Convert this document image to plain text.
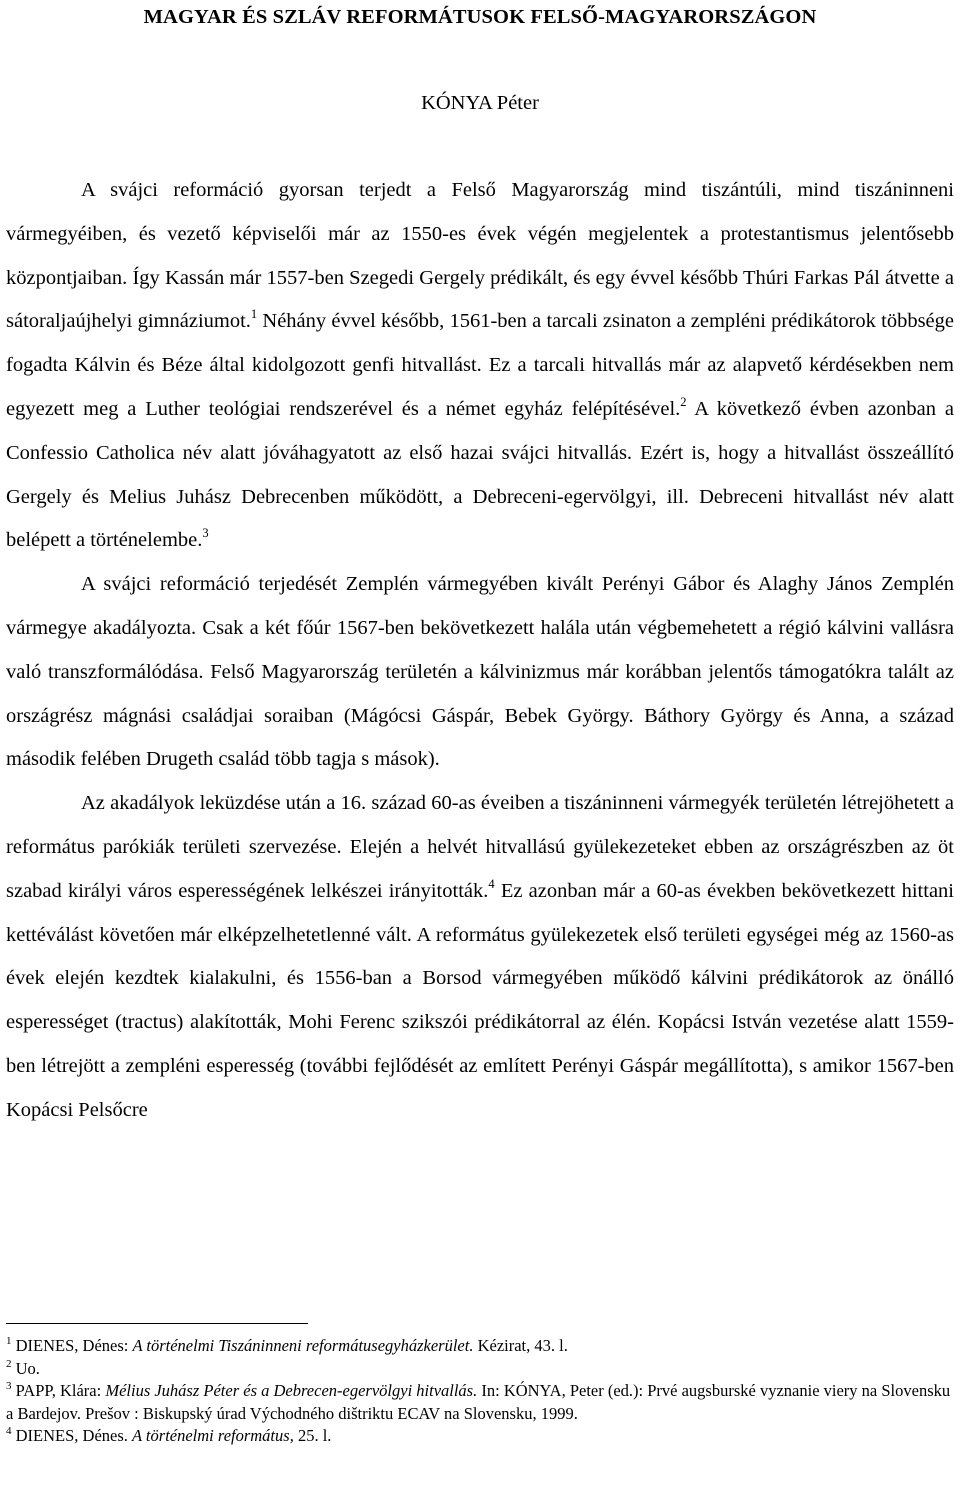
MAGYAR ÉS SZLÁV REFORMÁTUSOK FELSŐ-MAGYARORSZÁGON
KÓNYA Péter

A svájci reformáció gyorsan terjedt a Felső Magyarország mind tiszántúli, mind tiszáninneni vármegyéiben, és vezető képviselői már az 1550-es évek végén megjelentek a protestantismus jelentősebb központjaiban. Így Kassán már 1557-ben Szegedi Gergely prédikált, és egy évvel később Thúri Farkas Pál átvette a sátoraljaújhelyi gimnáziumot.$^1$ Néhány évvel később, 1561-ben a tarcali zsinaton a zempléni prédikátorok többsége fogadta Kálvin és Béze által kidolgozott genfi hitvallást. Ez a tarcali hitvallás már az alapvető kérdésekben nem egyezett meg a Luther teológiai rendszerével és a német egyház felépítésével.$^2$ A következő évben azonban a Confessio Catholica név alatt jóváhagyatott az első hazai svájci hitvallás. Ezért is, hogy a hitvallást összeállító Gergely és Melius Juhász Debrecenben működött, a Debreceni-egervölgyi, ill. Debreceni hitvallást név alatt belépett a történelembe.$^3$

A svájci reformáció terjedését Zemplén vármegyében kivált Perényi Gábor és Alaghy János Zemplén vármegye akadályozta. Csak a két főúr 1567-ben bekövetkezett halála után végbemehetett a régió kálvini vallásra való transzformálódása. Felső Magyarország területén a kálvinizmus már korábban jelentős támogatókra talált az országrész mágnási családjai soraiban (Mágócsi Gáspár, Bebek György. Báthory György és Anna, a század második felében Drugeth család több tagja s mások).

Az akadályok leküzdése után a 16. század 60-as éveiben a tiszáninneni vármegyék területén létrejöhetett a református parókiák területi szervezése. Elején a helvét hitvallású gyülekezeteket ebben az országrészben az öt szabad királyi város esperességének lelkészei irányitották.$^4$ Ez azonban már a 60-as években bekövetkezett hittani kettéválást követően már elképzelhetetlenné vált. A református gyülekezetek első területi egységei még az 1560-as évek elején kezdtek kialakulni, és 1556-ban a Borsod vármegyében működő kálvini prédikátorok az önálló esperességet (tractus) alakították, Mohi Ferenc szikszói prédikátorral az élén. Kopácsi István vezetése alatt 1559-ben létrejött a zempléni esperesség (további fejlődését az említett Perényi Gáspár megállította), s amikor 1567-ben Kopácsi Pelsőcre

$^1$ DIENES, Dénes: A történelmi Tiszáninneni reformátusegyházkerület. Kézirat, 43. l.
$^2$ Uo.
$^3$ PAPP, Klára: Mélius Juhász Péter és a Debrecen-egervölgyi hitvallás. In: KÓNYA, Peter (ed.): Prvé augsburské vyznanie viery na Slovensku a Bardejov. Prešov : Biskupský úrad Východného dištriktu ECAV na Slovensku, 1999.
$^4$ DIENES, Dénes. A történelmi református, 25. l.
